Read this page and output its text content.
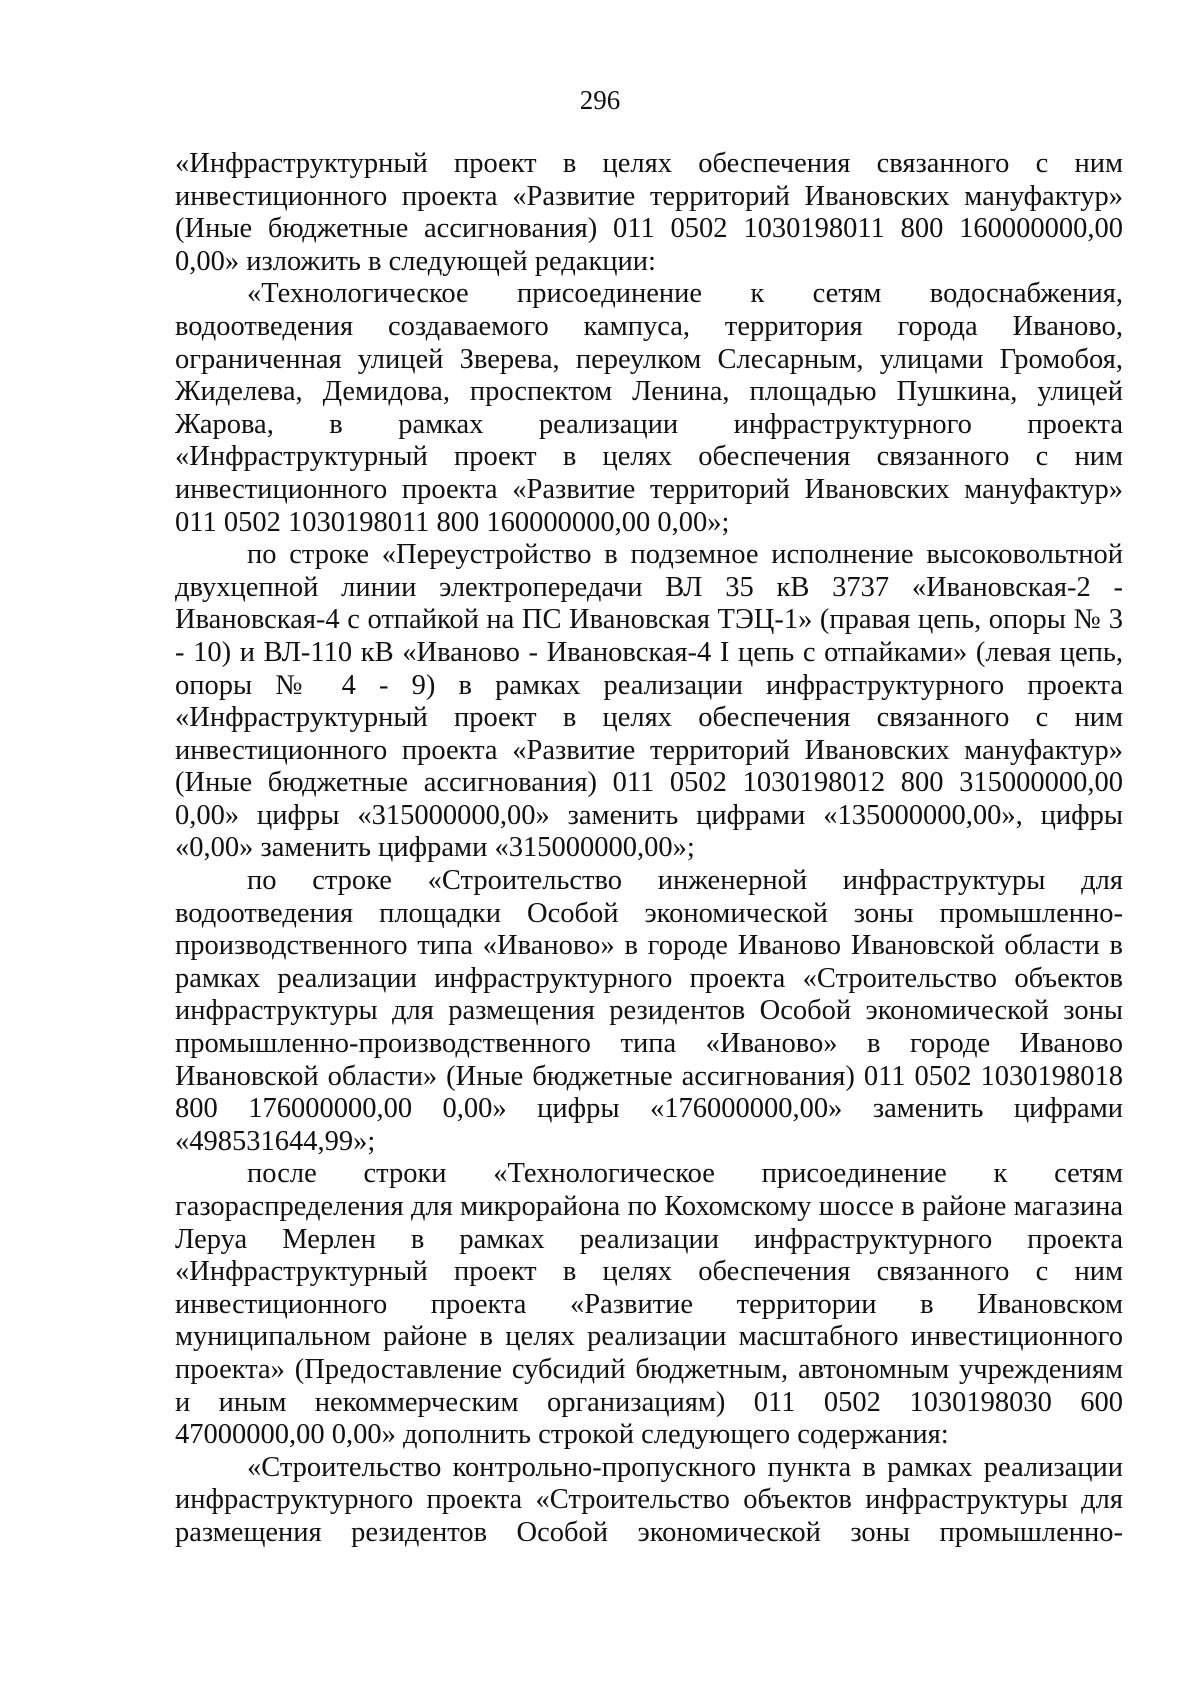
296

«Инфраструктурный проект в целях обеспечения связанного с ним инвестиционного проекта «Развитие территорий Ивановских мануфактур» (Иные бюджетные ассигнования) 011 0502 1030198011 800 160000000,00 0,00» изложить в следующей редакции:

«Технологическое присоединение к сетям водоснабжения, водоотведения создаваемого кампуса, территория города Иваново, ограниченная улицей Зверева, переулком Слесарным, улицами Громобоя, Жиделева, Демидова, проспектом Ленина, площадью Пушкина, улицей Жарова, в рамках реализации инфраструктурного проекта «Инфраструктурный проект в целях обеспечения связанного с ним инвестиционного проекта «Развитие территорий Ивановских мануфактур» 011 0502 1030198011 800 160000000,00 0,00»;

по строке «Переустройство в подземное исполнение высоковольтной двухцепной линии электропередачи ВЛ 35 кВ 3737 «Ивановская-2 - Ивановская-4 с отпайкой на ПС Ивановская ТЭЦ-1» (правая цепь, опоры № 3 - 10) и ВЛ-110 кВ «Иваново - Ивановская-4 I цепь с отпайками» (левая цепь, опоры № 4 - 9) в рамках реализации инфраструктурного проекта «Инфраструктурный проект в целях обеспечения связанного с ним инвестиционного проекта «Развитие территорий Ивановских мануфактур» (Иные бюджетные ассигнования) 011 0502 1030198012 800 315000000,00 0,00» цифры «315000000,00» заменить цифрами «135000000,00», цифры «0,00» заменить цифрами «315000000,00»;

по строке «Строительство инженерной инфраструктуры для водоотведения площадки Особой экономической зоны промышленно-производственного типа «Иваново» в городе Иваново Ивановской области в рамках реализации инфраструктурного проекта «Строительство объектов инфраструктуры для размещения резидентов Особой экономической зоны промышленно-производственного типа «Иваново» в городе Иваново Ивановской области» (Иные бюджетные ассигнования) 011 0502 1030198018 800 176000000,00 0,00» цифры «176000000,00» заменить цифрами «498531644,99»;

после строки «Технологическое присоединение к сетям газораспределения для микрорайона по Кохомскому шоссе в районе магазина Леруа Мерлен в рамках реализации инфраструктурного проекта «Инфраструктурный проект в целях обеспечения связанного с ним инвестиционного проекта «Развитие территории в Ивановском муниципальном районе в целях реализации масштабного инвестиционного проекта» (Предоставление субсидий бюджетным, автономным учреждениям и иным некоммерческим организациям) 011 0502 1030198030 600 47000000,00 0,00» дополнить строкой следующего содержания:

«Строительство контрольно-пропускного пункта в рамках реализации инфраструктурного проекта «Строительство объектов инфраструктуры для размещения резидентов Особой экономической зоны промышленно-
